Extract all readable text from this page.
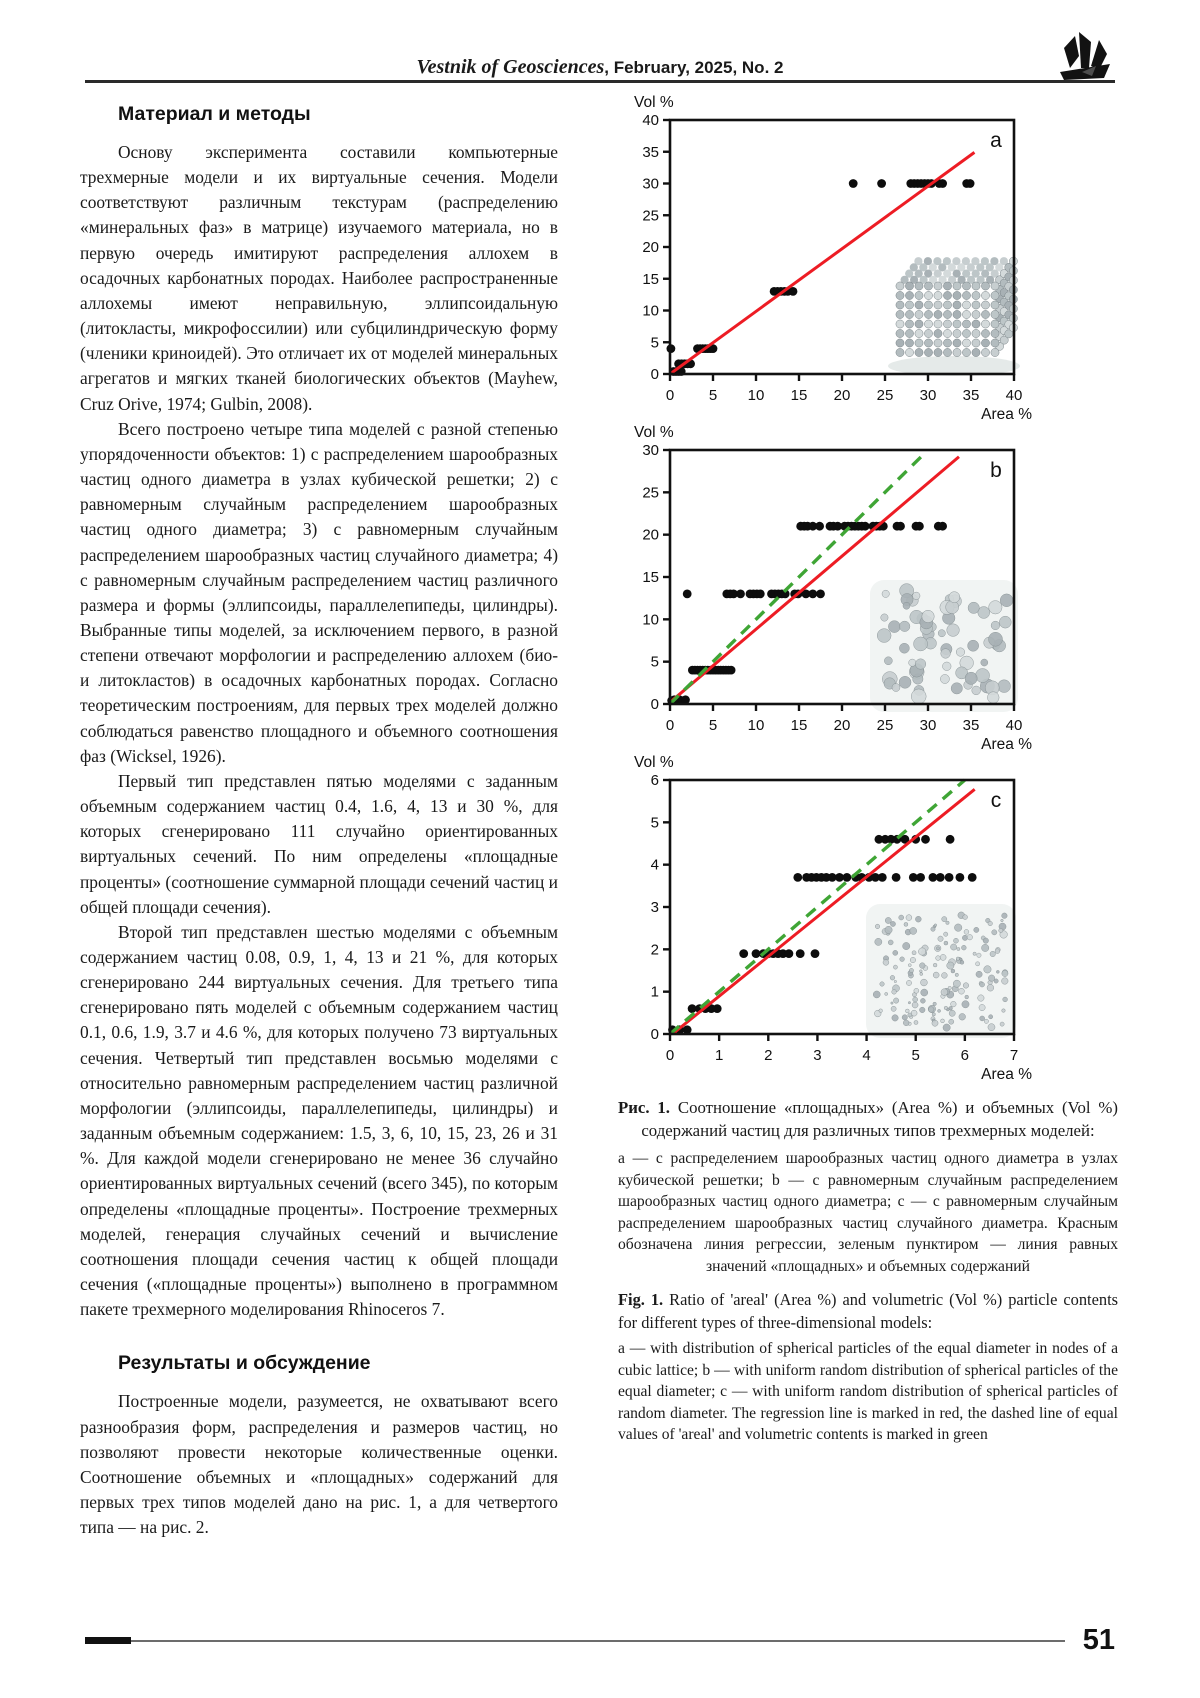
Vestnik of Geosciences, February, 2025, No. 2
Материал и методы

Основу эксперимента составили компьютерные трехмерные модели и их виртуальные сечения. Модели соответствуют различным текстурам (распределению «минеральных фаз» в матрице) изучаемого материала, но в первую очередь имитируют распределения аллохем в осадочных карбонатных породах. Наиболее распространенные аллохемы имеют неправильную, эллипсоидальную (литокласты, микрофоссилии) или субцилиндрическую форму (членики криноидей). Это отличает их от моделей минеральных агрегатов и мягких тканей биологических объектов (Mayhew, Cruz Orive, 1974; Gulbin, 2008).

Всего построено четыре типа моделей с разной степенью упорядоченности объектов: 1) с распределением шарообразных частиц одного диаметра в узлах кубической решетки; 2) с равномерным случайным распределением шарообразных частиц одного диаметра; 3) с равномерным случайным распределением шарообразных частиц случайного диаметра; 4) с равномерным случайным распределением частиц различного размера и формы (эллипсоиды, параллелепипеды, цилиндры). Выбранные типы моделей, за исключением первого, в разной степени отвечают морфологии и распределению аллохем (био- и литокластов) в осадочных карбонатных породах. Согласно теоретическим построениям, для первых трех моделей должно соблюдаться равенство площадного и объемного соотношения фаз (Wicksel, 1926).

Первый тип представлен пятью моделями с заданным объемным содержанием частиц 0.4, 1.6, 4, 13 и 30 %, для которых сгенерировано 111 случайно ориентированных виртуальных сечений. По ним определены «площадные проценты» (соотношение суммарной площади сечений частиц и общей площади сечения).

Второй тип представлен шестью моделями с объемным содержанием частиц 0.08, 0.9, 1, 4, 13 и 21 %, для которых сгенерировано 244 виртуальных сечения. Для третьего типа сгенерировано пять моделей с объемным содержанием частиц 0.1, 0.6, 1.9, 3.7 и 4.6 %, для которых получено 73 виртуальных сечения. Четвертый тип представлен восьмью моделями с относительно равномерным распределением частиц различной морфологии (эллипсоиды, параллелепипеды, цилиндры) и заданным объемным содержанием: 1.5, 3, 6, 10, 15, 23, 26 и 31 %. Для каждой модели сгенерировано не менее 36 случайно ориентированных виртуальных сечений (всего 345), по которым определены «площадные проценты». Построение трехмерных моделей, генерация случайных сечений и вычисление соотношения площади сечения частиц к общей площади сечения («площадные проценты») выполнено в программном пакете трехмерного моделирования Rhinoceros 7.

Результаты и обсуждение

Построенные модели, разумеется, не охватывают всего разнообразия форм, распределения и размеров частиц, но позволяют провести некоторые количественные оценки. Соотношение объемных и «площадных» содержаний для первых трех типов моделей дано на рис. 1, а для четвертого типа — на рис. 2.

0 5 10 15 20 25 30 35 40
0
5
10
15
20
25
30
35
40
Vol %
Area %
a
0 5 10 15 20 25 30 35 40
0
5
10
15
20
25
30
Vol %
Area %
b
0	1	2	3	4	5	6	7
0
1
2
3
4
5
6
Vol %
Area %
c
Рис. 1. Соотношение «площадных» (Area %) и объемных (Vol %) содержаний частиц для различных типов трехмерных моделей:
a — с распределением шарообразных частиц одного диаметра в узлах кубической решетки; b — с равномерным случайным распределением шарообразных частиц одного диаметра; c — с равномерным случайным распределением шарообразных частиц случайного диаметра. Красным обозначена линия регрессии, зеленым пунктиром — линия равных значений «площадных» и объемных содержаний
Fig. 1. Ratio of 'areal' (Area %) and volumetric (Vol %) particle contents for different types of three-dimensional models:
a — with distribution of spherical particles of the equal diameter in nodes of a cubic lattice; b — with uniform random distribution of spherical particles of the equal diameter; c — with uniform random distribution of spherical particles of random diameter. The regression line is marked in red, the dashed line of equal values of 'areal' and volumetric contents is marked in green
51
